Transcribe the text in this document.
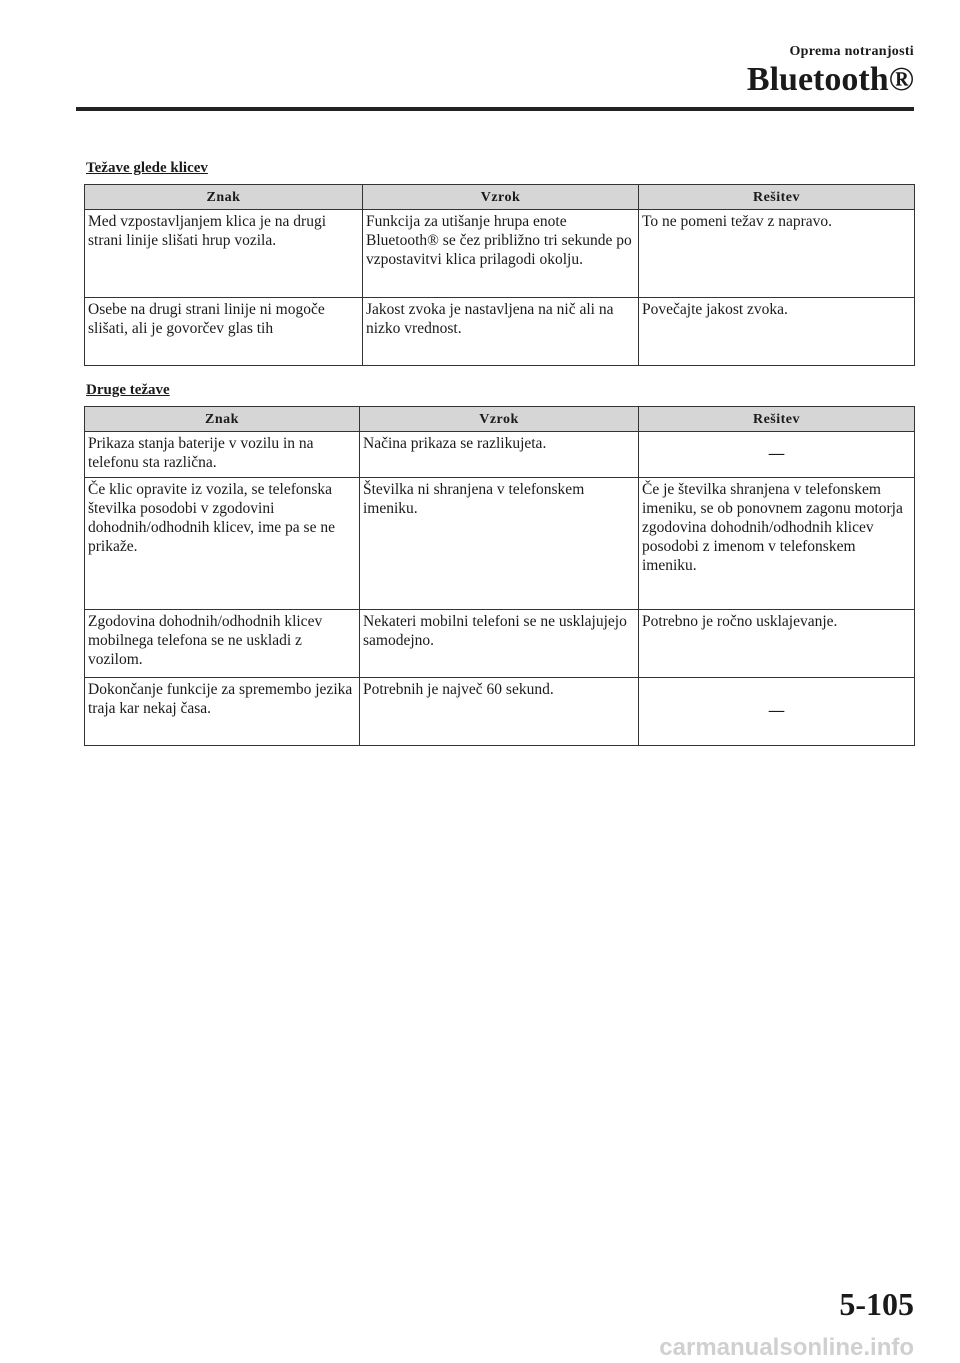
Oprema notranjosti
Bluetooth®
Težave glede klicev
Znak	Vzrok	Rešitev
Med vzpostavljanjem klica je na drugi strani linije slišati hrup vozila.	Funkcija za utišanje hrupa enote Bluetooth® se čez približno tri sekunde po vzpostavitvi klica prilagodi okolju.	To ne pomeni težav z napravo.
Osebe na drugi strani linije ni mogoče slišati, ali je govorčev glas tih	Jakost zvoka je nastavljena na nič ali na nizko vrednost.	Povečajte jakost zvoka.
Druge težave
Znak	Vzrok	Rešitev
Prikaza stanja baterije v vozilu in na telefonu sta različna.	Načina prikaza se razlikujeta.	—
Če klic opravite iz vozila, se telefonska številka posodobi v zgodovini dohodnih/odhodnih klicev, ime pa se ne prikaže.	Številka ni shranjena v telefonskem imeniku.	Če je številka shranjena v telefonskem imeniku, se ob ponovnem zagonu motorja zgodovina dohodnih/odhodnih klicev posodobi z imenom v telefonskem imeniku.
Zgodovina dohodnih/odhodnih klicev mobilnega telefona se ne uskladi z vozilom.	Nekateri mobilni telefoni se ne usklajujejo samodejno.	Potrebno je ročno usklajevanje.
Dokončanje funkcije za spremembo jezika traja kar nekaj časa.	Potrebnih je največ 60 sekund.	—
5-105
carmanualsonline.info
